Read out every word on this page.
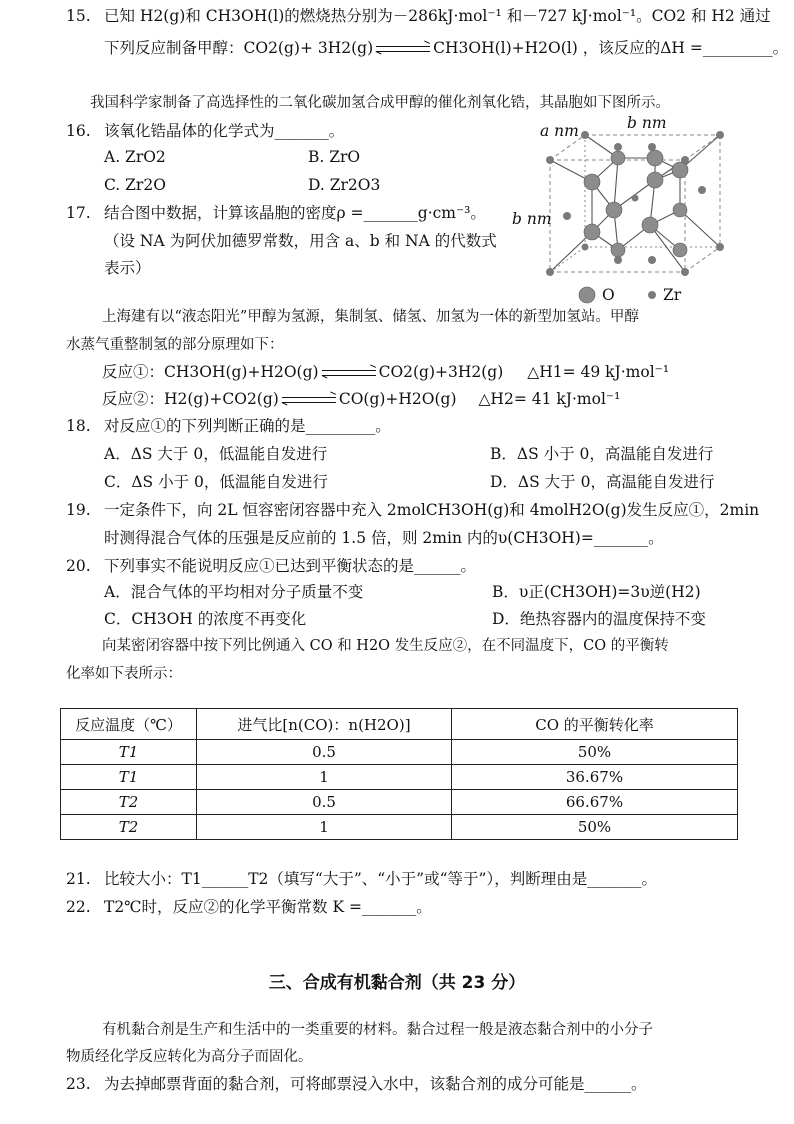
15. 已知 H2(g)和 CH3OH(l)的燃烧热分别为－286kJ·mol⁻¹ 和－727 kJ·mol⁻¹。CO2 和 H2 通过
下列反应制备甲醇：CO2(g)+ 3H2(g)	CH3OH(l)+H2O(l) ，该反应的ΔH =_________。
我国科学家制备了高选择性的二氧化碳加氢合成甲醇的催化剂氧化锆，其晶胞如下图所示。
16. 该氧化锆晶体的化学式为_______。
A. ZrO2	B. ZrO
C. Zr2O	D. Zr2O3
17. 结合图中数据，计算该晶胞的密度ρ =_______g·cm⁻³。
（设 NA 为阿伏加德罗常数，用含 a、b 和 NA 的代数式
表示）
a nm	b nm
b nm
O	Zr
上海建有以“液态阳光”甲醇为氢源，集制氢、储氢、加氢为一体的新型加氢站。甲醇
水蒸气重整制氢的部分原理如下：
反应①：CH3OH(g)+H2O(g)	CO2(g)+3H2(g) △H1= 49 kJ·mol⁻¹
反应②：H2(g)+CO2(g)	CO(g)+H2O(g) △H2= 41 kJ·mol⁻¹
18. 对反应①的下列判断正确的是_________。
A．ΔS 大于 0，低温能自发进行	B．ΔS 小于 0，高温能自发进行
C．ΔS 小于 0，低温能自发进行	D．ΔS 大于 0，高温能自发进行
19. 一定条件下，向 2L 恒容密闭容器中充入 2molCH3OH(g)和 4molH2O(g)发生反应①，2min
时测得混合气体的压强是反应前的 1.5 倍，则 2min 内的υ(CH3OH)=_______。
20. 下列事实不能说明反应①已达到平衡状态的是______。
A．混合气体的平均相对分子质量不变	B．υ正(CH3OH)=3υ逆(H2)
C．CH3OH 的浓度不再变化	D．绝热容器内的温度保持不变
向某密闭容器中按下列比例通入 CO 和 H2O 发生反应②，在不同温度下，CO 的平衡转
化率如下表所示：
反应温度（℃）	进气比[n(CO)：n(H2O)]	CO 的平衡转化率
T1	0.5	50%
T1	1	36.67%
T2	0.5	66.67%
T2	1	50%
21. 比较大小：T1______T2（填写“大于”、“小于”或“等于”），判断理由是_______。
22. T2℃时，反应②的化学平衡常数 K =_______。
三、合成有机黏合剂（共 23 分）
有机黏合剂是生产和生活中的一类重要的材料。黏合过程一般是液态黏合剂中的小分子
物质经化学反应转化为高分子而固化。
23. 为去掉邮票背面的黏合剂，可将邮票浸入水中，该黏合剂的成分可能是______。
